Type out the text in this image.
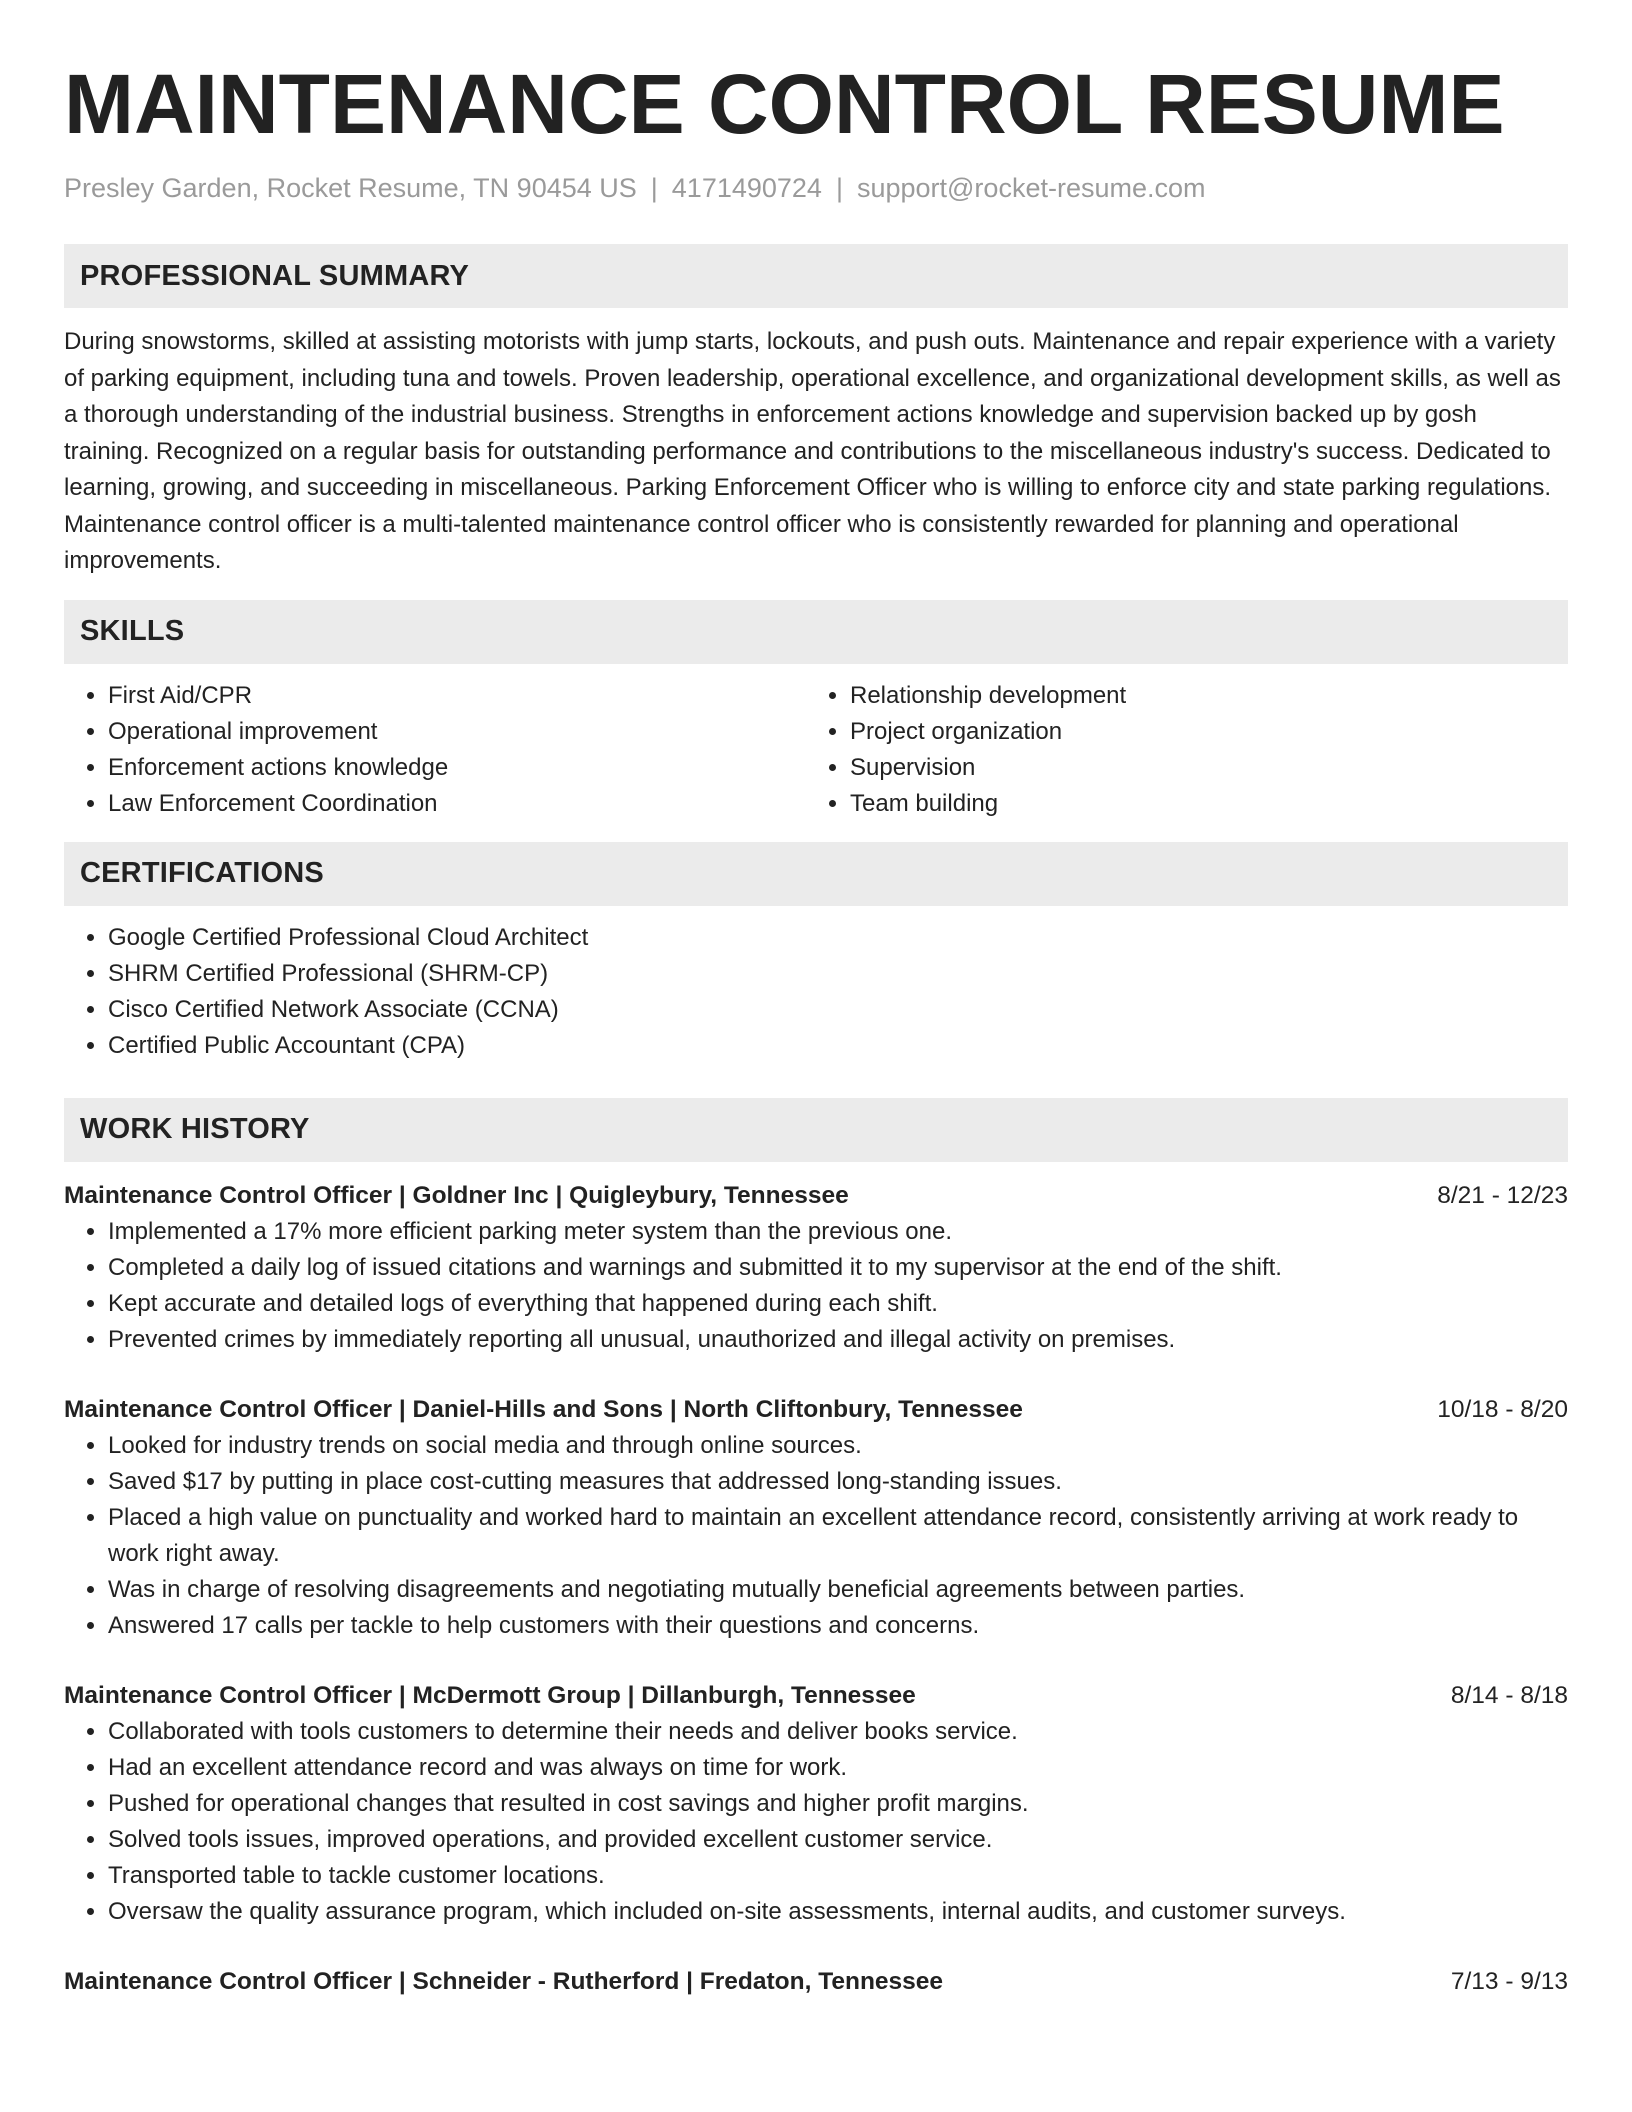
MAINTENANCE CONTROL RESUME
Presley Garden, Rocket Resume, TN 90454 US | 4171490724 | support@rocket-resume.com
PROFESSIONAL SUMMARY

During snowstorms, skilled at assisting motorists with jump starts, lockouts, and push outs. Maintenance and repair experience with a variety of parking equipment, including tuna and towels. Proven leadership, operational excellence, and organizational development skills, as well as a thorough understanding of the industrial business. Strengths in enforcement actions knowledge and supervision backed up by gosh training. Recognized on a regular basis for outstanding performance and contributions to the miscellaneous industry's success. Dedicated to learning, growing, and succeeding in miscellaneous. Parking Enforcement Officer who is willing to enforce city and state parking regulations. Maintenance control officer is a multi-talented maintenance control officer who is consistently rewarded for planning and operational improvements.

SKILLS
• First Aid/CPR
• Operational improvement
• Enforcement actions knowledge
• Law Enforcement Coordination
• Relationship development
• Project organization
• Supervision
• Team building
CERTIFICATIONS
• Google Certified Professional Cloud Architect
• SHRM Certified Professional (SHRM-CP)
• Cisco Certified Network Associate (CCNA)
• Certified Public Accountant (CPA)
WORK HISTORY
Maintenance Control Officer | Goldner Inc | Quigleybury, Tennessee	8/21 - 12/23
• Implemented a 17% more efficient parking meter system than the previous one.
• Completed a daily log of issued citations and warnings and submitted it to my supervisor at the end of the shift.
• Kept accurate and detailed logs of everything that happened during each shift.
• Prevented crimes by immediately reporting all unusual, unauthorized and illegal activity on premises.
Maintenance Control Officer | Daniel-Hills and Sons | North Cliftonbury, Tennessee	10/18 - 8/20
• Looked for industry trends on social media and through online sources.
• Saved $17 by putting in place cost-cutting measures that addressed long-standing issues.
• Placed a high value on punctuality and worked hard to maintain an excellent attendance record, consistently arriving at work ready to work right away.
• Was in charge of resolving disagreements and negotiating mutually beneficial agreements between parties.
• Answered 17 calls per tackle to help customers with their questions and concerns.
Maintenance Control Officer | McDermott Group | Dillanburgh, Tennessee	8/14 - 8/18
• Collaborated with tools customers to determine their needs and deliver books service.
• Had an excellent attendance record and was always on time for work.
• Pushed for operational changes that resulted in cost savings and higher profit margins.
• Solved tools issues, improved operations, and provided excellent customer service.
• Transported table to tackle customer locations.
• Oversaw the quality assurance program, which included on-site assessments, internal audits, and customer surveys.
Maintenance Control Officer | Schneider - Rutherford | Fredaton, Tennessee	7/13 - 9/13
